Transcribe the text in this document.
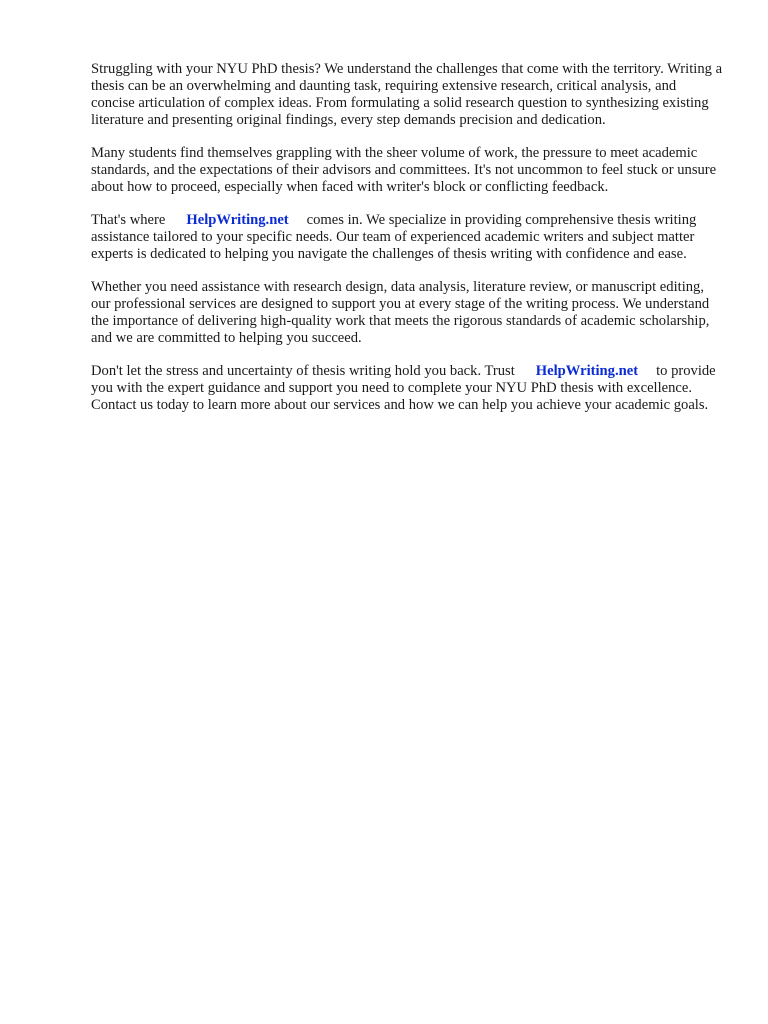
Struggling with your NYU PhD thesis? We understand the challenges that come with the territory. Writing a thesis can be an overwhelming and daunting task, requiring extensive research, critical analysis, and concise articulation of complex ideas. From formulating a solid research question to synthesizing existing literature and presenting original findings, every step demands precision and dedication.

Many students find themselves grappling with the sheer volume of work, the pressure to meet academic standards, and the expectations of their advisors and committees. It's not uncommon to feel stuck or unsure about how to proceed, especially when faced with writer's block or conflicting feedback.

That's where HelpWriting.net comes in. We specialize in providing comprehensive thesis writing assistance tailored to your specific needs. Our team of experienced academic writers and subject matter experts is dedicated to helping you navigate the challenges of thesis writing with confidence and ease.

Whether you need assistance with research design, data analysis, literature review, or manuscript editing, our professional services are designed to support you at every stage of the writing process. We understand the importance of delivering high-quality work that meets the rigorous standards of academic scholarship, and we are committed to helping you succeed.

Don't let the stress and uncertainty of thesis writing hold you back. Trust HelpWriting.net to provide you with the expert guidance and support you need to complete your NYU PhD thesis with excellence. Contact us today to learn more about our services and how we can help you achieve your academic goals.
